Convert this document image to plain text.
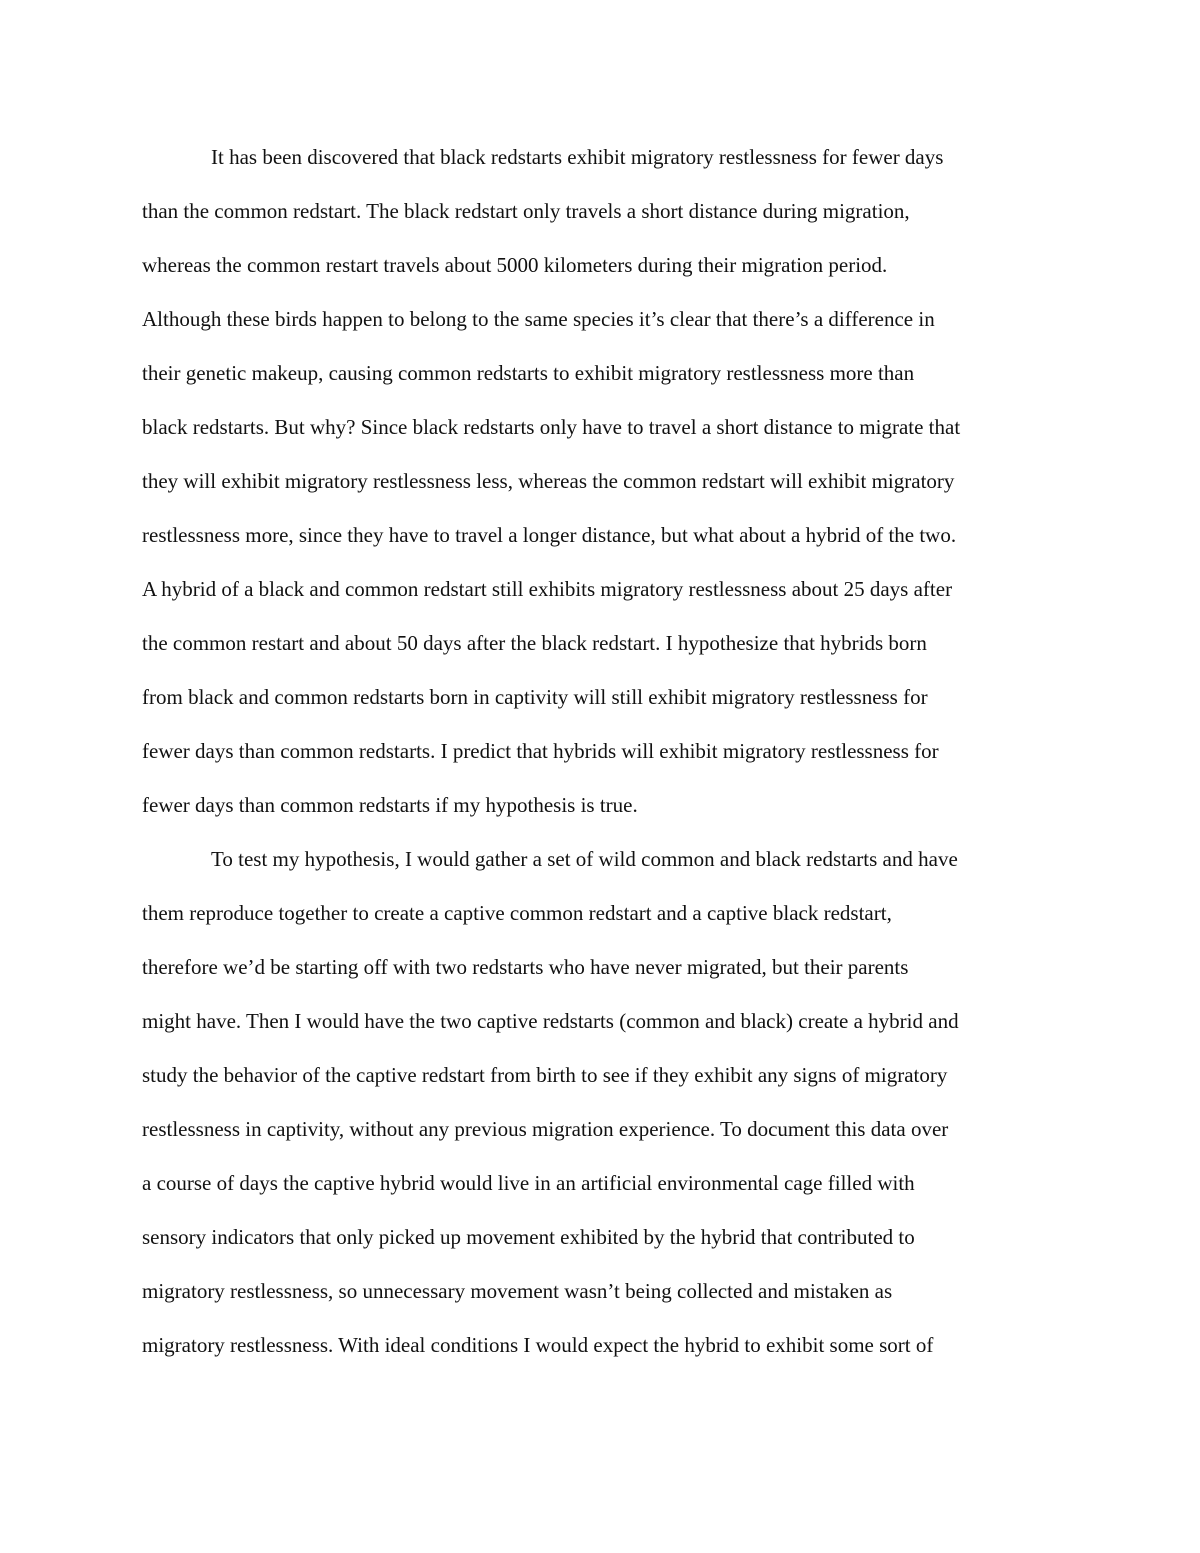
It has been discovered that black redstarts exhibit migratory restlessness for fewer days
than the common redstart. The black redstart only travels a short distance during migration,
whereas the common restart travels about 5000 kilometers during their migration period.
Although these birds happen to belong to the same species it’s clear that there’s a difference in
their genetic makeup, causing common redstarts to exhibit migratory restlessness more than
black redstarts. But why? Since black redstarts only have to travel a short distance to migrate that
they will exhibit migratory restlessness less, whereas the common redstart will exhibit migratory
restlessness more, since they have to travel a longer distance, but what about a hybrid of the two.
A hybrid of a black and common redstart still exhibits migratory restlessness about 25 days after
the common restart and about 50 days after the black redstart. I hypothesize that hybrids born
from black and common redstarts born in captivity will still exhibit migratory restlessness for
fewer days than common redstarts. I predict that hybrids will exhibit migratory restlessness for
fewer days than common redstarts if my hypothesis is true.
To test my hypothesis, I would gather a set of wild common and black redstarts and have
them reproduce together to create a captive common redstart and a captive black redstart,
therefore we’d be starting off with two redstarts who have never migrated, but their parents
might have. Then I would have the two captive redstarts (common and black) create a hybrid and
study the behavior of the captive redstart from birth to see if they exhibit any signs of migratory
restlessness in captivity, without any previous migration experience. To document this data over
a course of days the captive hybrid would live in an artificial environmental cage filled with
sensory indicators that only picked up movement exhibited by the hybrid that contributed to
migratory restlessness, so unnecessary movement wasn’t being collected and mistaken as
migratory restlessness. With ideal conditions I would expect the hybrid to exhibit some sort of
